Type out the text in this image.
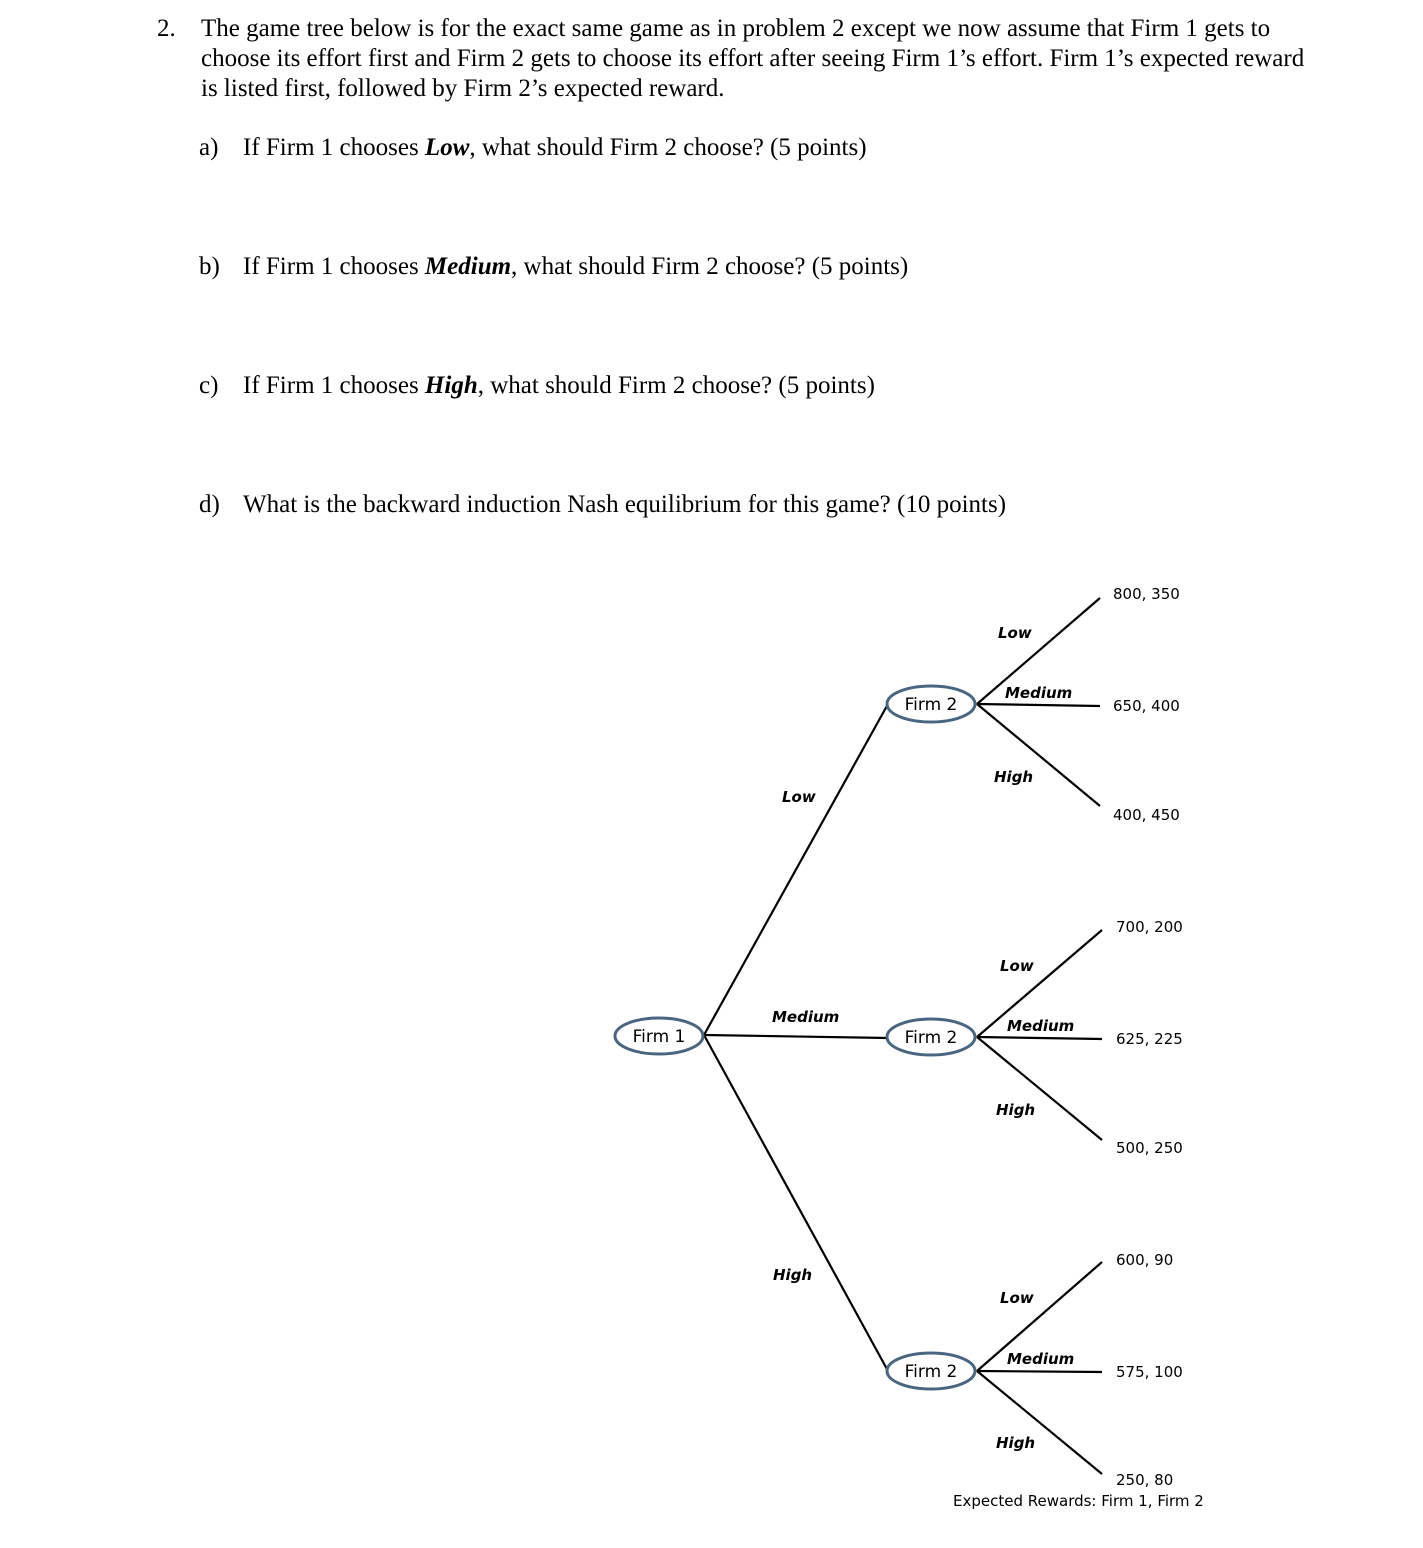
2. The game tree below is for the exact same game as in problem 2 except we now assume that Firm 1 gets to choose its effort first and Firm 2 gets to choose its effort after seeing Firm 1’s effort. Firm 1’s expected reward is listed first, followed by Firm 2’s expected reward.
a) If Firm 1 chooses Low, what should Firm 2 choose? (5 points)
b) If Firm 1 chooses Medium, what should Firm 2 choose? (5 points)
c) If Firm 1 chooses High, what should Firm 2 choose? (5 points)
d) What is the backward induction Nash equilibrium for this game? (10 points)
Firm 1
Firm 2
Firm 2
Firm 2
Low
Medium
High
Low
Medium
High
Low
Medium
High
Low
Medium
High
800, 350
650, 400
400, 450
700, 200
625, 225
500, 250
600, 90
575, 100
250, 80
Expected Rewards: Firm 1, Firm 2
